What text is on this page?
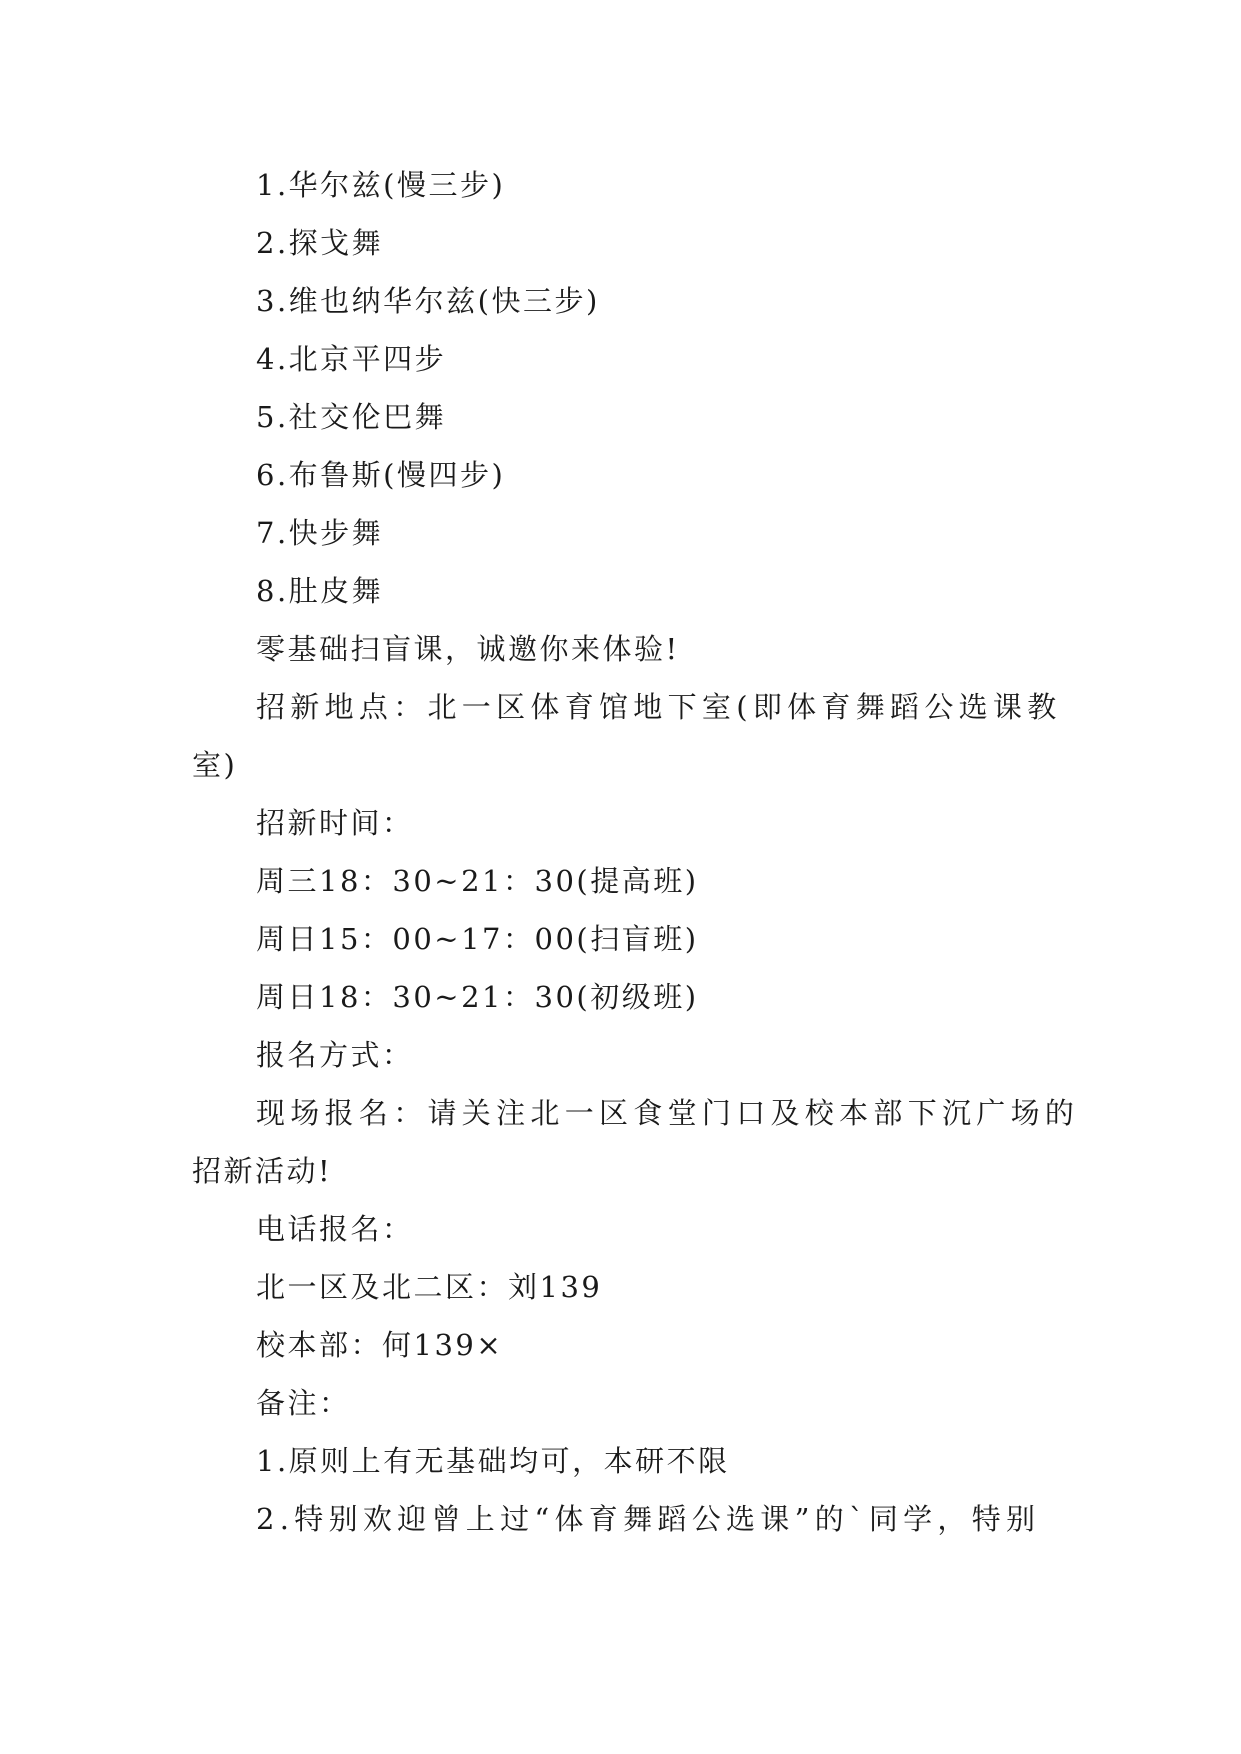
1.华尔兹(慢三步)
2.探戈舞
3.维也纳华尔兹(快三步)
4.北京平四步
5.社交伦巴舞
6.布鲁斯(慢四步)
7.快步舞
8.肚皮舞
零基础扫盲课，诚邀你来体验!
招新地点：北一区体育馆地下室(即体育舞蹈公选课教
室)
招新时间：
周三18：30~21：30(提高班)
周日15：00~17：00(扫盲班)
周日18：30~21：30(初级班)
报名方式：
现场报名：请关注北一区食堂门口及校本部下沉广场的
招新活动!
电话报名：
北一区及北二区：刘139
校本部：何139×
备注：
1.原则上有无基础均可，本研不限
2.特别欢迎曾上过“体育舞蹈公选课”的`同学，特别
